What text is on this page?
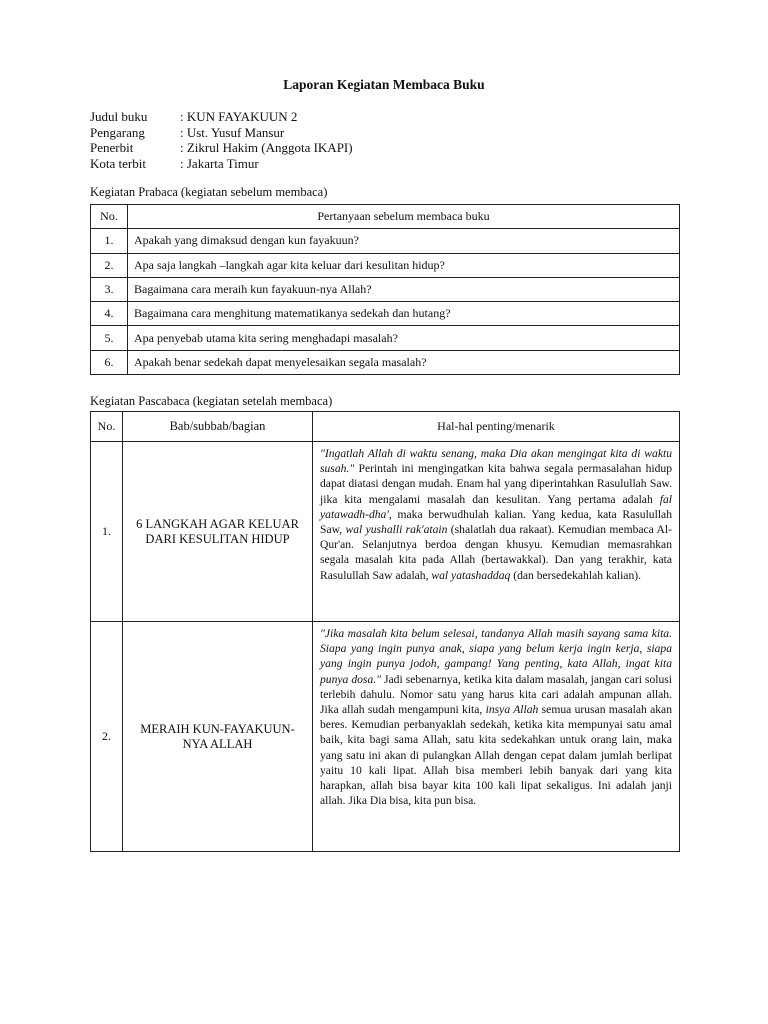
Laporan Kegiatan Membaca Buku
Judul buku	: KUN FAYAKUUN 2
Pengarang	: Ust. Yusuf Mansur
Penerbit	: Zikrul Hakim (Anggota IKAPI)
Kota terbit	: Jakarta Timur
Kegiatan Prabaca (kegiatan sebelum membaca)
No.	Pertanyaan sebelum membaca buku
1.	Apakah yang dimaksud dengan kun fayakuun?
2.	Apa saja langkah –langkah agar kita keluar dari kesulitan hidup?
3.	Bagaimana cara meraih kun fayakuun-nya Allah?
4.	Bagaimana cara menghitung matematikanya sedekah dan hutang?
5.	Apa penyebab utama kita sering menghadapi masalah?
6.	Apakah benar sedekah dapat menyelesaikan segala masalah?
Kegiatan Pascabaca (kegiatan setelah membaca)
No.	Bab/subbab/bagian	Hal-hal penting/menarik
1.	6 LANGKAH AGAR KELUAR DARI KESULITAN HIDUP	"Ingatlah Allah di waktu senang, maka Dia akan mengingat kita di waktu susah." Perintah ini mengingatkan kita bahwa segala permasalahan hidup dapat diatasi dengan mudah. Enam hal yang diperintahkan Rasulullah Saw. jika kita mengalami masalah dan kesulitan. Yang pertama adalah fal yatawadh-dha', maka berwudhulah kalian. Yang kedua, kata Rasulullah Saw, wal yushalli rak'atain (shalatlah dua rakaat). Kemudian membaca Al-Qur'an. Selanjutnya berdoa dengan khusyu. Kemudian memasrahkan segala masalah kita pada Allah (bertawakkal). Dan yang terakhir, kata Rasulullah Saw adalah, wal yatashaddaq (dan bersedekahlah kalian).
2.	MERAIH KUN-FAYAKUUN-NYA ALLAH	"Jika masalah kita belum selesai, tandanya Allah masih sayang sama kita. Siapa yang ingin punya anak, siapa yang belum kerja ingin kerja, siapa yang ingin punya jodoh, gampang! Yang penting, kata Allah, ingat kita punya dosa." Jadi sebenarnya, ketika kita dalam masalah, jangan cari solusi terlebih dahulu. Nomor satu yang harus kita cari adalah ampunan allah. Jika allah sudah mengampuni kita, insya Allah semua urusan masalah akan beres. Kemudian perbanyaklah sedekah, ketika kita mempunyai satu amal baik, kita bagi sama Allah, satu kita sedekahkan untuk orang lain, maka yang satu ini akan di pulangkan Allah dengan cepat dalam jumlah berlipat yaitu 10 kali lipat. Allah bisa memberi lebih banyak dari yang kita harapkan, allah bisa bayar kita 100 kali lipat sekaligus. Ini adalah janji allah. Jika Dia bisa, kita pun bisa.
